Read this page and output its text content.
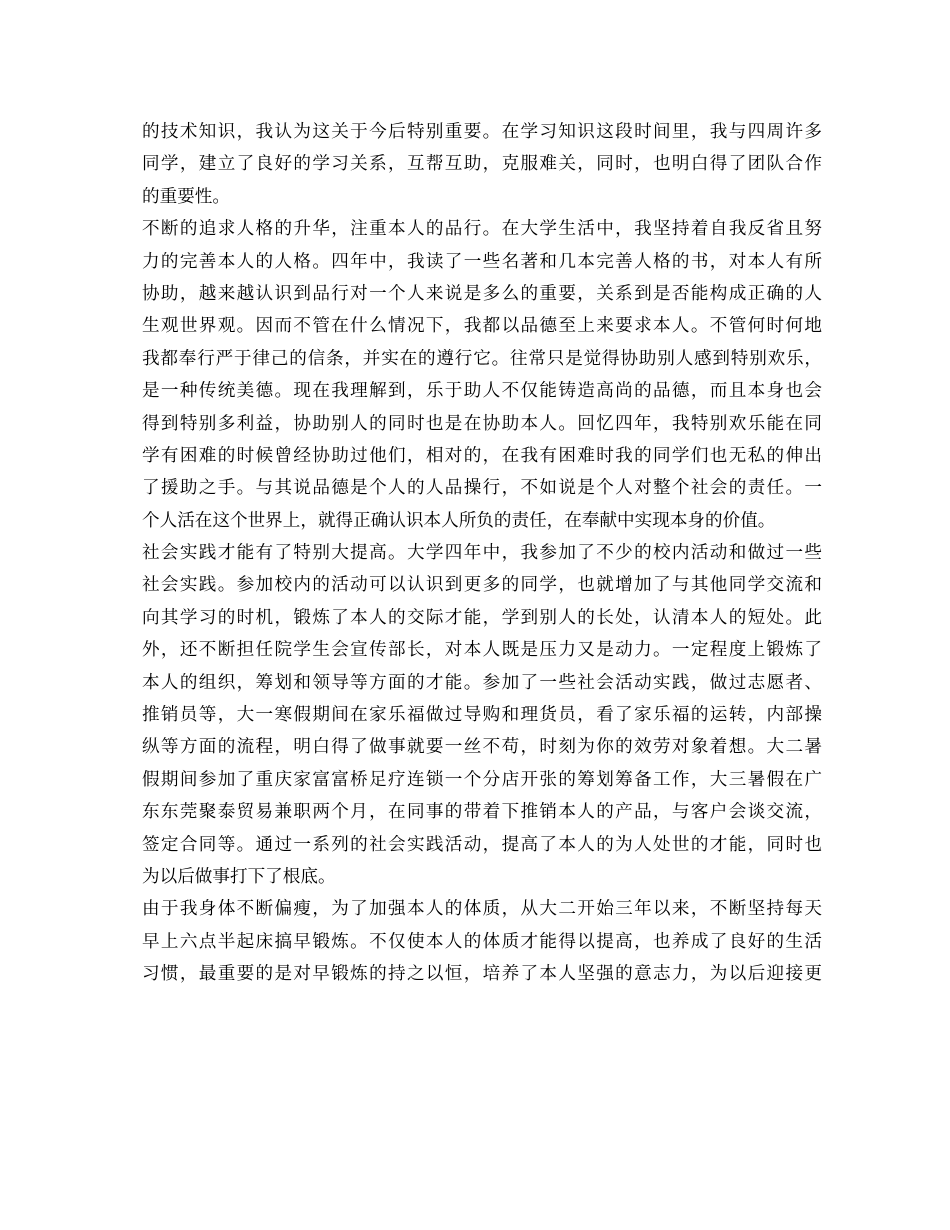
的技术知识，我认为这关于今后特别重要。在学习知识这段时间里，我与四周许多
同学，建立了良好的学习关系，互帮互助，克服难关，同时，也明白得了团队合作
的重要性。
不断的追求人格的升华，注重本人的品行。在大学生活中，我坚持着自我反省且努
力的完善本人的人格。四年中，我读了一些名著和几本完善人格的书，对本人有所
协助，越来越认识到品行对一个人来说是多么的重要，关系到是否能构成正确的人
生观世界观。因而不管在什么情况下，我都以品德至上来要求本人。不管何时何地
我都奉行严于律己的信条，并实在的遵行它。往常只是觉得协助别人感到特别欢乐，
是一种传统美德。现在我理解到，乐于助人不仅能铸造高尚的品德，而且本身也会
得到特别多利益，协助别人的同时也是在协助本人。回忆四年，我特别欢乐能在同
学有困难的时候曾经协助过他们，相对的，在我有困难时我的同学们也无私的伸出
了援助之手。与其说品德是个人的人品操行，不如说是个人对整个社会的责任。一
个人活在这个世界上，就得正确认识本人所负的责任，在奉献中实现本身的价值。
社会实践才能有了特别大提高。大学四年中，我参加了不少的校内活动和做过一些
社会实践。参加校内的活动可以认识到更多的同学，也就增加了与其他同学交流和
向其学习的时机，锻炼了本人的交际才能，学到别人的长处，认清本人的短处。此
外，还不断担任院学生会宣传部长，对本人既是压力又是动力。一定程度上锻炼了
本人的组织，筹划和领导等方面的才能。参加了一些社会活动实践，做过志愿者、
推销员等，大一寒假期间在家乐福做过导购和理货员，看了家乐福的运转，内部操
纵等方面的流程，明白得了做事就要一丝不苟，时刻为你的效劳对象着想。大二暑
假期间参加了重庆家富富桥足疗连锁一个分店开张的筹划筹备工作，大三暑假在广
东东莞聚泰贸易兼职两个月，在同事的带着下推销本人的产品，与客户会谈交流，
签定合同等。通过一系列的社会实践活动，提高了本人的为人处世的才能，同时也
为以后做事打下了根底。
由于我身体不断偏瘦，为了加强本人的体质，从大二开始三年以来，不断坚持每天
早上六点半起床搞早锻炼。不仅使本人的体质才能得以提高，也养成了良好的生活
习惯，最重要的是对早锻炼的持之以恒，培养了本人坚强的意志力，为以后迎接更
